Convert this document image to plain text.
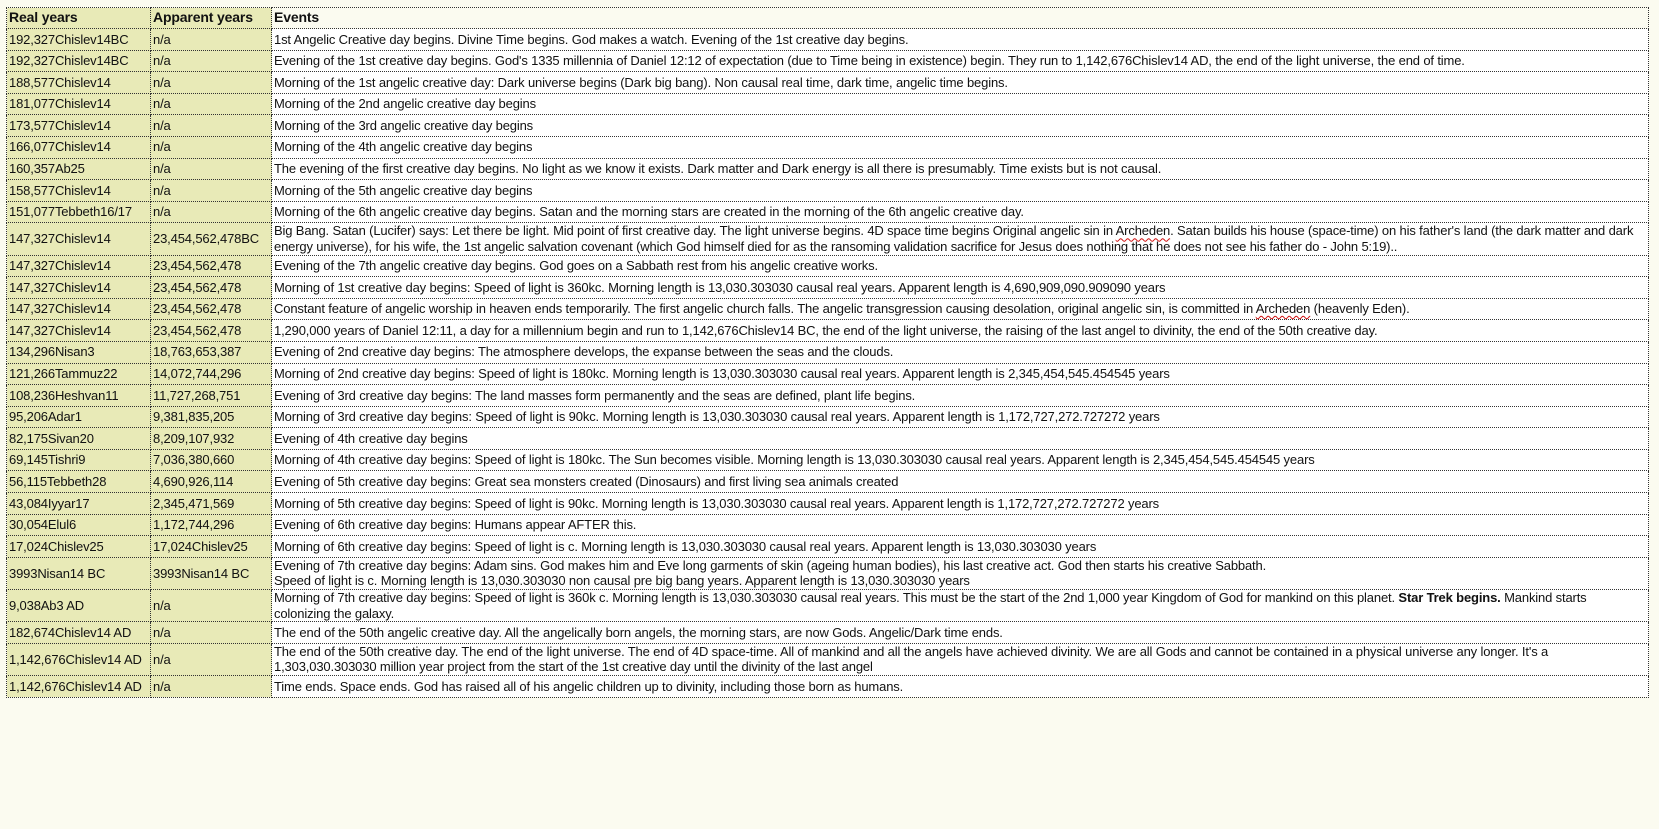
Real years	Apparent years	Events
192,327Chislev14BC	n/a	1st Angelic Creative day begins. Divine Time begins. God makes a watch. Evening of the 1st creative day begins.
192,327Chislev14BC	n/a	Evening of the 1st creative day begins. God's 1335 millennia of Daniel 12:12 of expectation (due to Time being in existence) begin. They run to 1,142,676Chislev14 AD, the end of the light universe, the end of time.
188,577Chislev14	n/a	Morning of the 1st angelic creative day: Dark universe begins (Dark big bang). Non causal real time, dark time, angelic time begins.
181,077Chislev14	n/a	Morning of the 2nd angelic creative day begins
173,577Chislev14	n/a	Morning of the 3rd angelic creative day begins
166,077Chislev14	n/a	Morning of the 4th angelic creative day begins
160,357Ab25	n/a	The evening of the first creative day begins. No light as we know it exists. Dark matter and Dark energy is all there is presumably. Time exists but is not causal.
158,577Chislev14	n/a	Morning of the 5th angelic creative day begins
151,077Tebbeth16/17	n/a	Morning of the 6th angelic creative day begins. Satan and the morning stars are created in the morning of the 6th angelic creative day.
147,327Chislev14	23,454,562,478BC	Big Bang. Satan (Lucifer) says: Let there be light. Mid point of first creative day. The light universe begins. 4D space time begins Original angelic sin in Archeden. Satan builds his house (space-time) on his father's land (the dark matter and dark energy universe), for his wife, the 1st angelic salvation covenant (which God himself died for as the ransoming validation sacrifice for Jesus does nothing that he does not see his father do - John 5:19)..
147,327Chislev14	23,454,562,478	Evening of the 7th angelic creative day begins. God goes on a Sabbath rest from his angelic creative works.
147,327Chislev14	23,454,562,478	Morning of 1st creative day begins: Speed of light is 360kc. Morning length is 13,030.303030 causal real years. Apparent length is 4,690,909,090.909090 years
147,327Chislev14	23,454,562,478	Constant feature of angelic worship in heaven ends temporarily. The first angelic church falls. The angelic transgression causing desolation, original angelic sin, is committed in Archeden (heavenly Eden).
147,327Chislev14	23,454,562,478	1,290,000 years of Daniel 12:11, a day for a millennium begin and run to 1,142,676Chislev14 BC, the end of the light universe, the raising of the last angel to divinity, the end of the 50th creative day.
134,296Nisan3	18,763,653,387	Evening of 2nd creative day begins: The atmosphere develops, the expanse between the seas and the clouds.
121,266Tammuz22	14,072,744,296	Morning of 2nd creative day begins: Speed of light is 180kc. Morning length is 13,030.303030 causal real years. Apparent length is 2,345,454,545.454545 years
108,236Heshvan11	11,727,268,751	Evening of 3rd creative day begins: The land masses form permanently and the seas are defined, plant life begins.
95,206Adar1	9,381,835,205	Morning of 3rd creative day begins: Speed of light is 90kc. Morning length is 13,030.303030 causal real years. Apparent length is 1,172,727,272.727272 years
82,175Sivan20	8,209,107,932	Evening of 4th creative day begins
69,145Tishri9	7,036,380,660	Morning of 4th creative day begins: Speed of light is 180kc. The Sun becomes visible. Morning length is 13,030.303030 causal real years. Apparent length is 2,345,454,545.454545 years
56,115Tebbeth28	4,690,926,114	Evening of 5th creative day begins: Great sea monsters created (Dinosaurs) and first living sea animals created
43,084Iyyar17	2,345,471,569	Morning of 5th creative day begins: Speed of light is 90kc. Morning length is 13,030.303030 causal real years. Apparent length is 1,172,727,272.727272 years
30,054Elul6	1,172,744,296	Evening of 6th creative day begins: Humans appear AFTER this.
17,024Chislev25	17,024Chislev25	Morning of 6th creative day begins: Speed of light is c. Morning length is 13,030.303030 causal real years. Apparent length is 13,030.303030 years
3993Nisan14 BC	3993Nisan14 BC	Evening of 7th creative day begins: Adam sins. God makes him and Eve long garments of skin (ageing human bodies), his last creative act. God then starts his creative Sabbath.
Speed of light is c. Morning length is 13,030.303030 non causal pre big bang years. Apparent length is 13,030.303030 years

9,038Ab3 AD	n/a	Morning of 7th creative day begins: Speed of light is 360k c. Morning length is 13,030.303030 causal real years. This must be the start of the 2nd 1,000 year Kingdom of God for mankind on this planet. Star Trek begins. Mankind starts colonizing the galaxy.
182,674Chislev14 AD	n/a	The end of the 50th angelic creative day. All the angelically born angels, the morning stars, are now Gods. Angelic/Dark time ends.
1,142,676Chislev14 AD	n/a	The end of the 50th creative day. The end of the light universe. The end of 4D space-time. All of mankind and all the angels have achieved divinity. We are all Gods and cannot be contained in a physical universe any longer. It's a 1,303,030.303030 million year project from the start of the 1st creative day until the divinity of the last angel
1,142,676Chislev14 AD	n/a	Time ends. Space ends. God has raised all of his angelic children up to divinity, including those born as humans.
